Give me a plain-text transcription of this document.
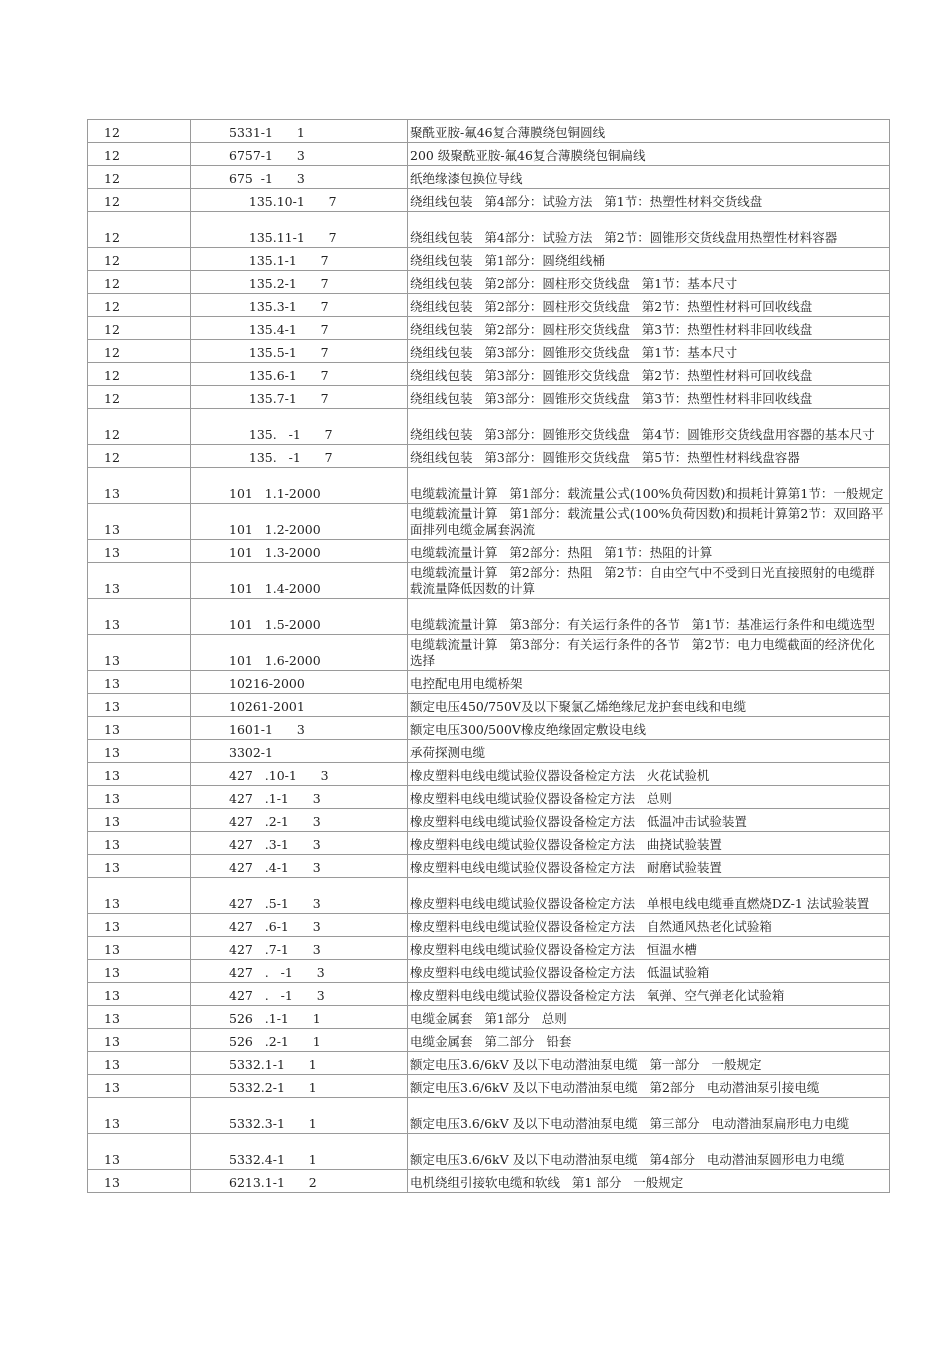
12	5331-1      1	聚酰亚胺-氟46复合薄膜绕包铜圆线
12	6757-1      3	200 级聚酰亚胺-氟46复合薄膜绕包铜扁线
12	675  -1      3	纸绝缘漆包换位导线
12	135.10-1      7	绕组线包装   第4部分：试验方法   第1节：热塑性材料交货线盘
12	135.11-1      7	绕组线包装   第4部分：试验方法   第2节：圆锥形交货线盘用热塑性材料容器
12	135.1-1      7	绕组线包装   第1部分：圆绕组线桶
12	135.2-1      7	绕组线包装   第2部分：圆柱形交货线盘   第1节：基本尺寸
12	135.3-1      7	绕组线包装   第2部分：圆柱形交货线盘   第2节：热塑性材料可回收线盘
12	135.4-1      7	绕组线包装   第2部分：圆柱形交货线盘   第3节：热塑性材料非回收线盘
12	135.5-1      7	绕组线包装   第3部分：圆锥形交货线盘   第1节：基本尺寸
12	135.6-1      7	绕组线包装   第3部分：圆锥形交货线盘   第2节：热塑性材料可回收线盘
12	135.7-1      7	绕组线包装   第3部分：圆锥形交货线盘   第3节：热塑性材料非回收线盘
12	135.   -1      7	绕组线包装   第3部分：圆锥形交货线盘   第4节：圆锥形交货线盘用容器的基本尺寸
12	135.   -1      7	绕组线包装   第3部分：圆锥形交货线盘   第5节：热塑性材料线盘容器
13	101   1.1-2000	电缆载流量计算   第1部分：载流量公式(100%负荷因数)和损耗计算第1节：一般规定
13	101   1.2-2000	电缆载流量计算   第1部分：载流量公式(100%负荷因数)和损耗计算第2节：双回路平面排列电缆金属套涡流
13	101   1.3-2000	电缆载流量计算   第2部分：热阻   第1节：热阻的计算
13	101   1.4-2000	电缆载流量计算   第2部分：热阻   第2节：自由空气中不受到日光直接照射的电缆群载流量降低因数的计算
13	101   1.5-2000	电缆载流量计算   第3部分：有关运行条件的各节   第1节：基准运行条件和电缆选型
13	101   1.6-2000	电缆载流量计算   第3部分：有关运行条件的各节   第2节：电力电缆截面的经济优化选择
13	10216-2000	电控配电用电缆桥架
13	10261-2001	额定电压450/750V及以下聚氯乙烯绝缘尼龙护套电线和电缆
13	1601-1      3	额定电压300/500V橡皮绝缘固定敷设电线
13	3302-1	承荷探测电缆
13	427   .10-1      3	橡皮塑料电线电缆试验仪器设备检定方法   火花试验机
13	427   .1-1      3	橡皮塑料电线电缆试验仪器设备检定方法   总则
13	427   .2-1      3	橡皮塑料电线电缆试验仪器设备检定方法   低温冲击试验装置
13	427   .3-1      3	橡皮塑料电线电缆试验仪器设备检定方法   曲挠试验装置
13	427   .4-1      3	橡皮塑料电线电缆试验仪器设备检定方法   耐磨试验装置
13	427   .5-1      3	橡皮塑料电线电缆试验仪器设备检定方法   单根电线电缆垂直燃烧DZ-1 法试验装置
13	427   .6-1      3	橡皮塑料电线电缆试验仪器设备检定方法   自然通风热老化试验箱
13	427   .7-1      3	橡皮塑料电线电缆试验仪器设备检定方法   恒温水槽
13	427   .   -1      3	橡皮塑料电线电缆试验仪器设备检定方法   低温试验箱
13	427   .   -1      3	橡皮塑料电线电缆试验仪器设备检定方法   氧弹、空气弹老化试验箱
13	526   .1-1      1	电缆金属套   第1部分   总则
13	526   .2-1      1	电缆金属套   第二部分   铅套
13	5332.1-1      1	额定电压3.6/6kV 及以下电动潜油泵电缆   第一部分   一般规定
13	5332.2-1      1	额定电压3.6/6kV 及以下电动潜油泵电缆   第2部分   电动潜油泵引接电缆
13	5332.3-1      1	额定电压3.6/6kV 及以下电动潜油泵电缆   第三部分   电动潜油泵扁形电力电缆
13	5332.4-1      1	额定电压3.6/6kV 及以下电动潜油泵电缆   第4部分   电动潜油泵圆形电力电缆
13	6213.1-1      2	电机绕组引接软电缆和软线   第1 部分   一般规定
